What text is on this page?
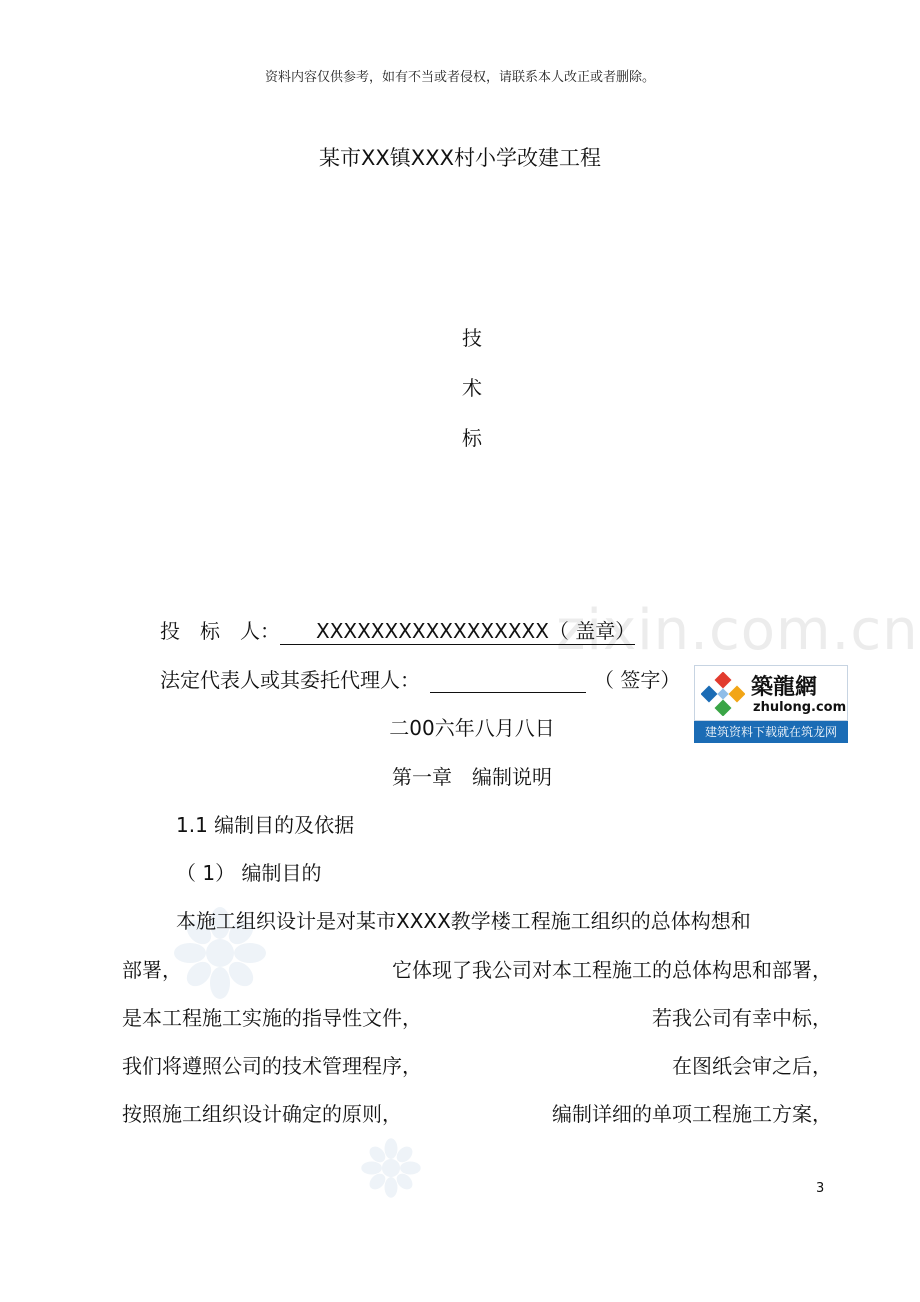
资料内容仅供参考，如有不当或者侵权，请联系本人改正或者删除。
某市XX镇XXX村小学改建工程
技
术
标
zixin.com.cn
投　标　人： XXXXXXXXXXXXXXXXX（ 盖章）
法定代表人或其委托代理人：	（ 签字）	築龍網
zhulong.com
建筑资料下载就在筑龙网
二00六年八月八日
第一章　编制说明
1.1 编制目的及依据
（ 1） 编制目的
本施工组织设计是对某市XXXX教学楼工程施工组织的总体构想和
部署，	它体现了我公司对本工程施工的总体构思和部署，
是本工程施工实施的指导性文件，	若我公司有幸中标，
我们将遵照公司的技术管理程序，	在图纸会审之后，
按照施工组织设计确定的原则，	编制详细的单项工程施工方案，
3
